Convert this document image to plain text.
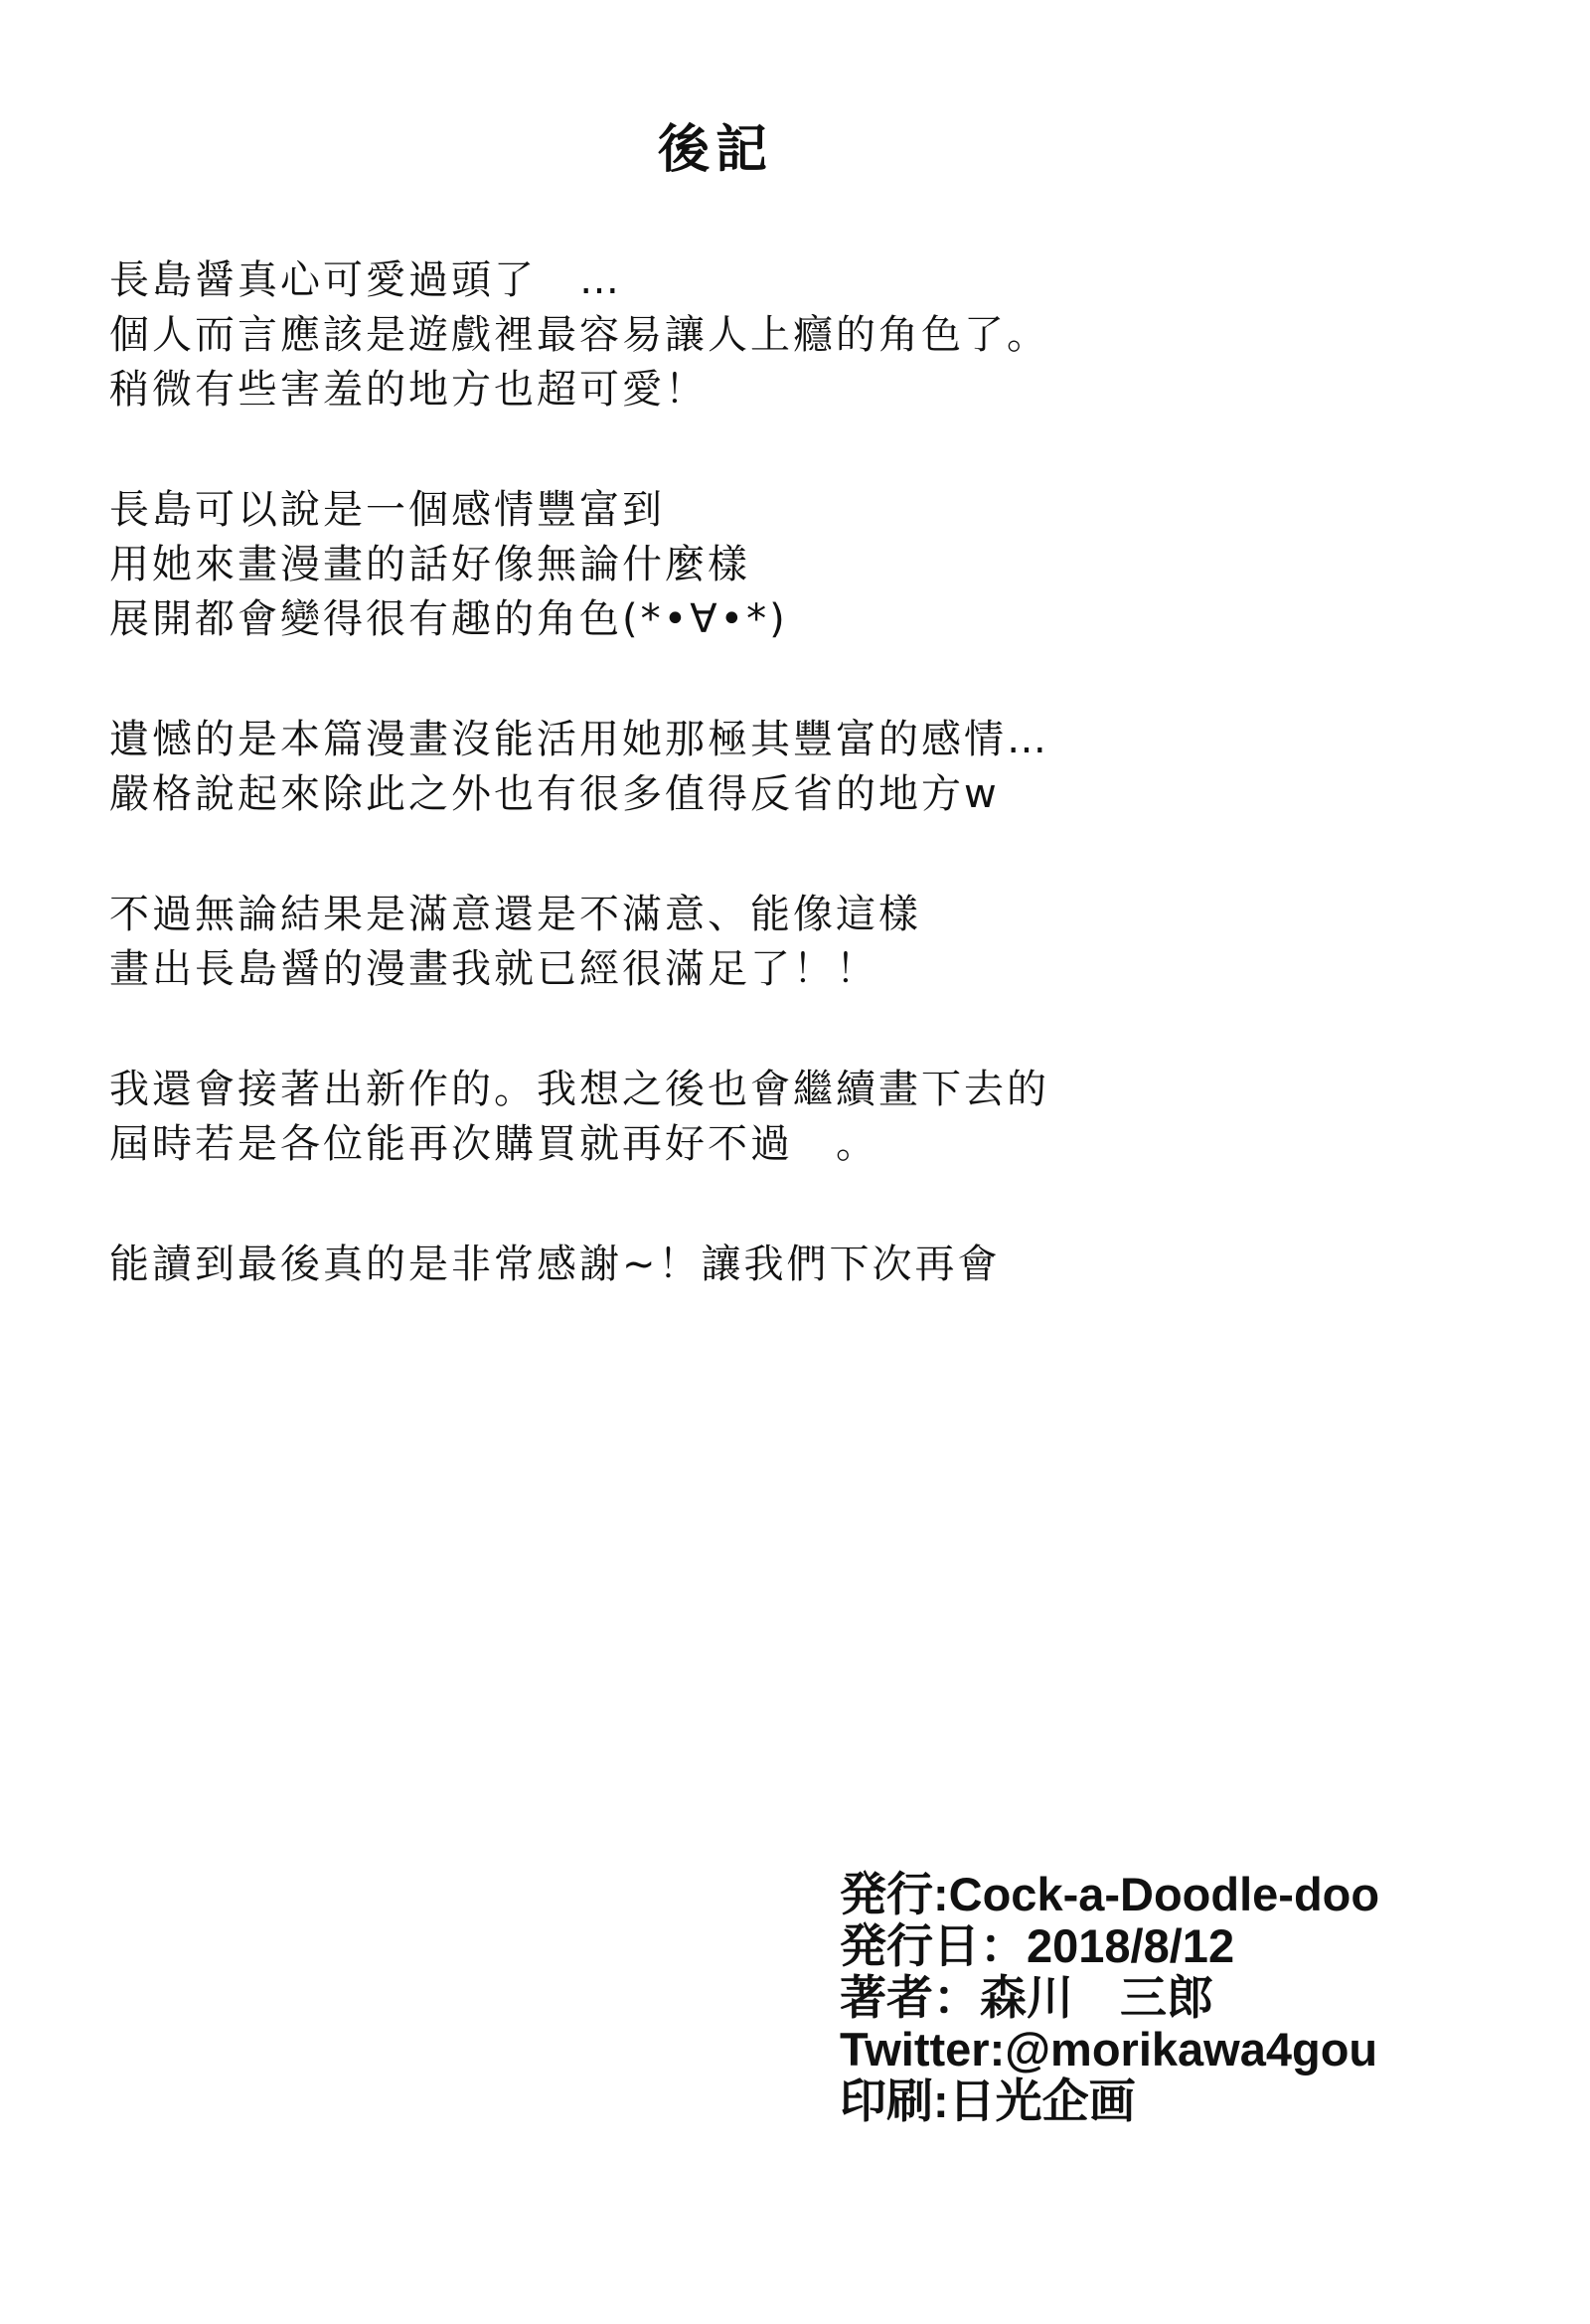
後記

長島醤真心可愛過頭了　…
個人而言應該是遊戲裡最容易讓人上癮的角色了。
稍微有些害羞的地方也超可愛！

長島可以說是一個感情豐富到
用她來畫漫畫的話好像無論什麼樣
展開都會變得很有趣的角色(*•∀•*)

遺憾的是本篇漫畫沒能活用她那極其豐富的感情…
嚴格說起來除此之外也有很多值得反省的地方w

不過無論結果是滿意還是不滿意、能像這樣
畫出長島醤的漫畫我就已經很滿足了！！

我還會接著出新作的。我想之後也會繼續畫下去的
屆時若是各位能再次購買就再好不過　。

能讀到最後真的是非常感謝~！讓我們下次再會

発行:Cock-a-Doodle-doo
発行日：2018/8/12
著者：森川　三郎
Twitter:@morikawa4gou
印刷:日光企画
